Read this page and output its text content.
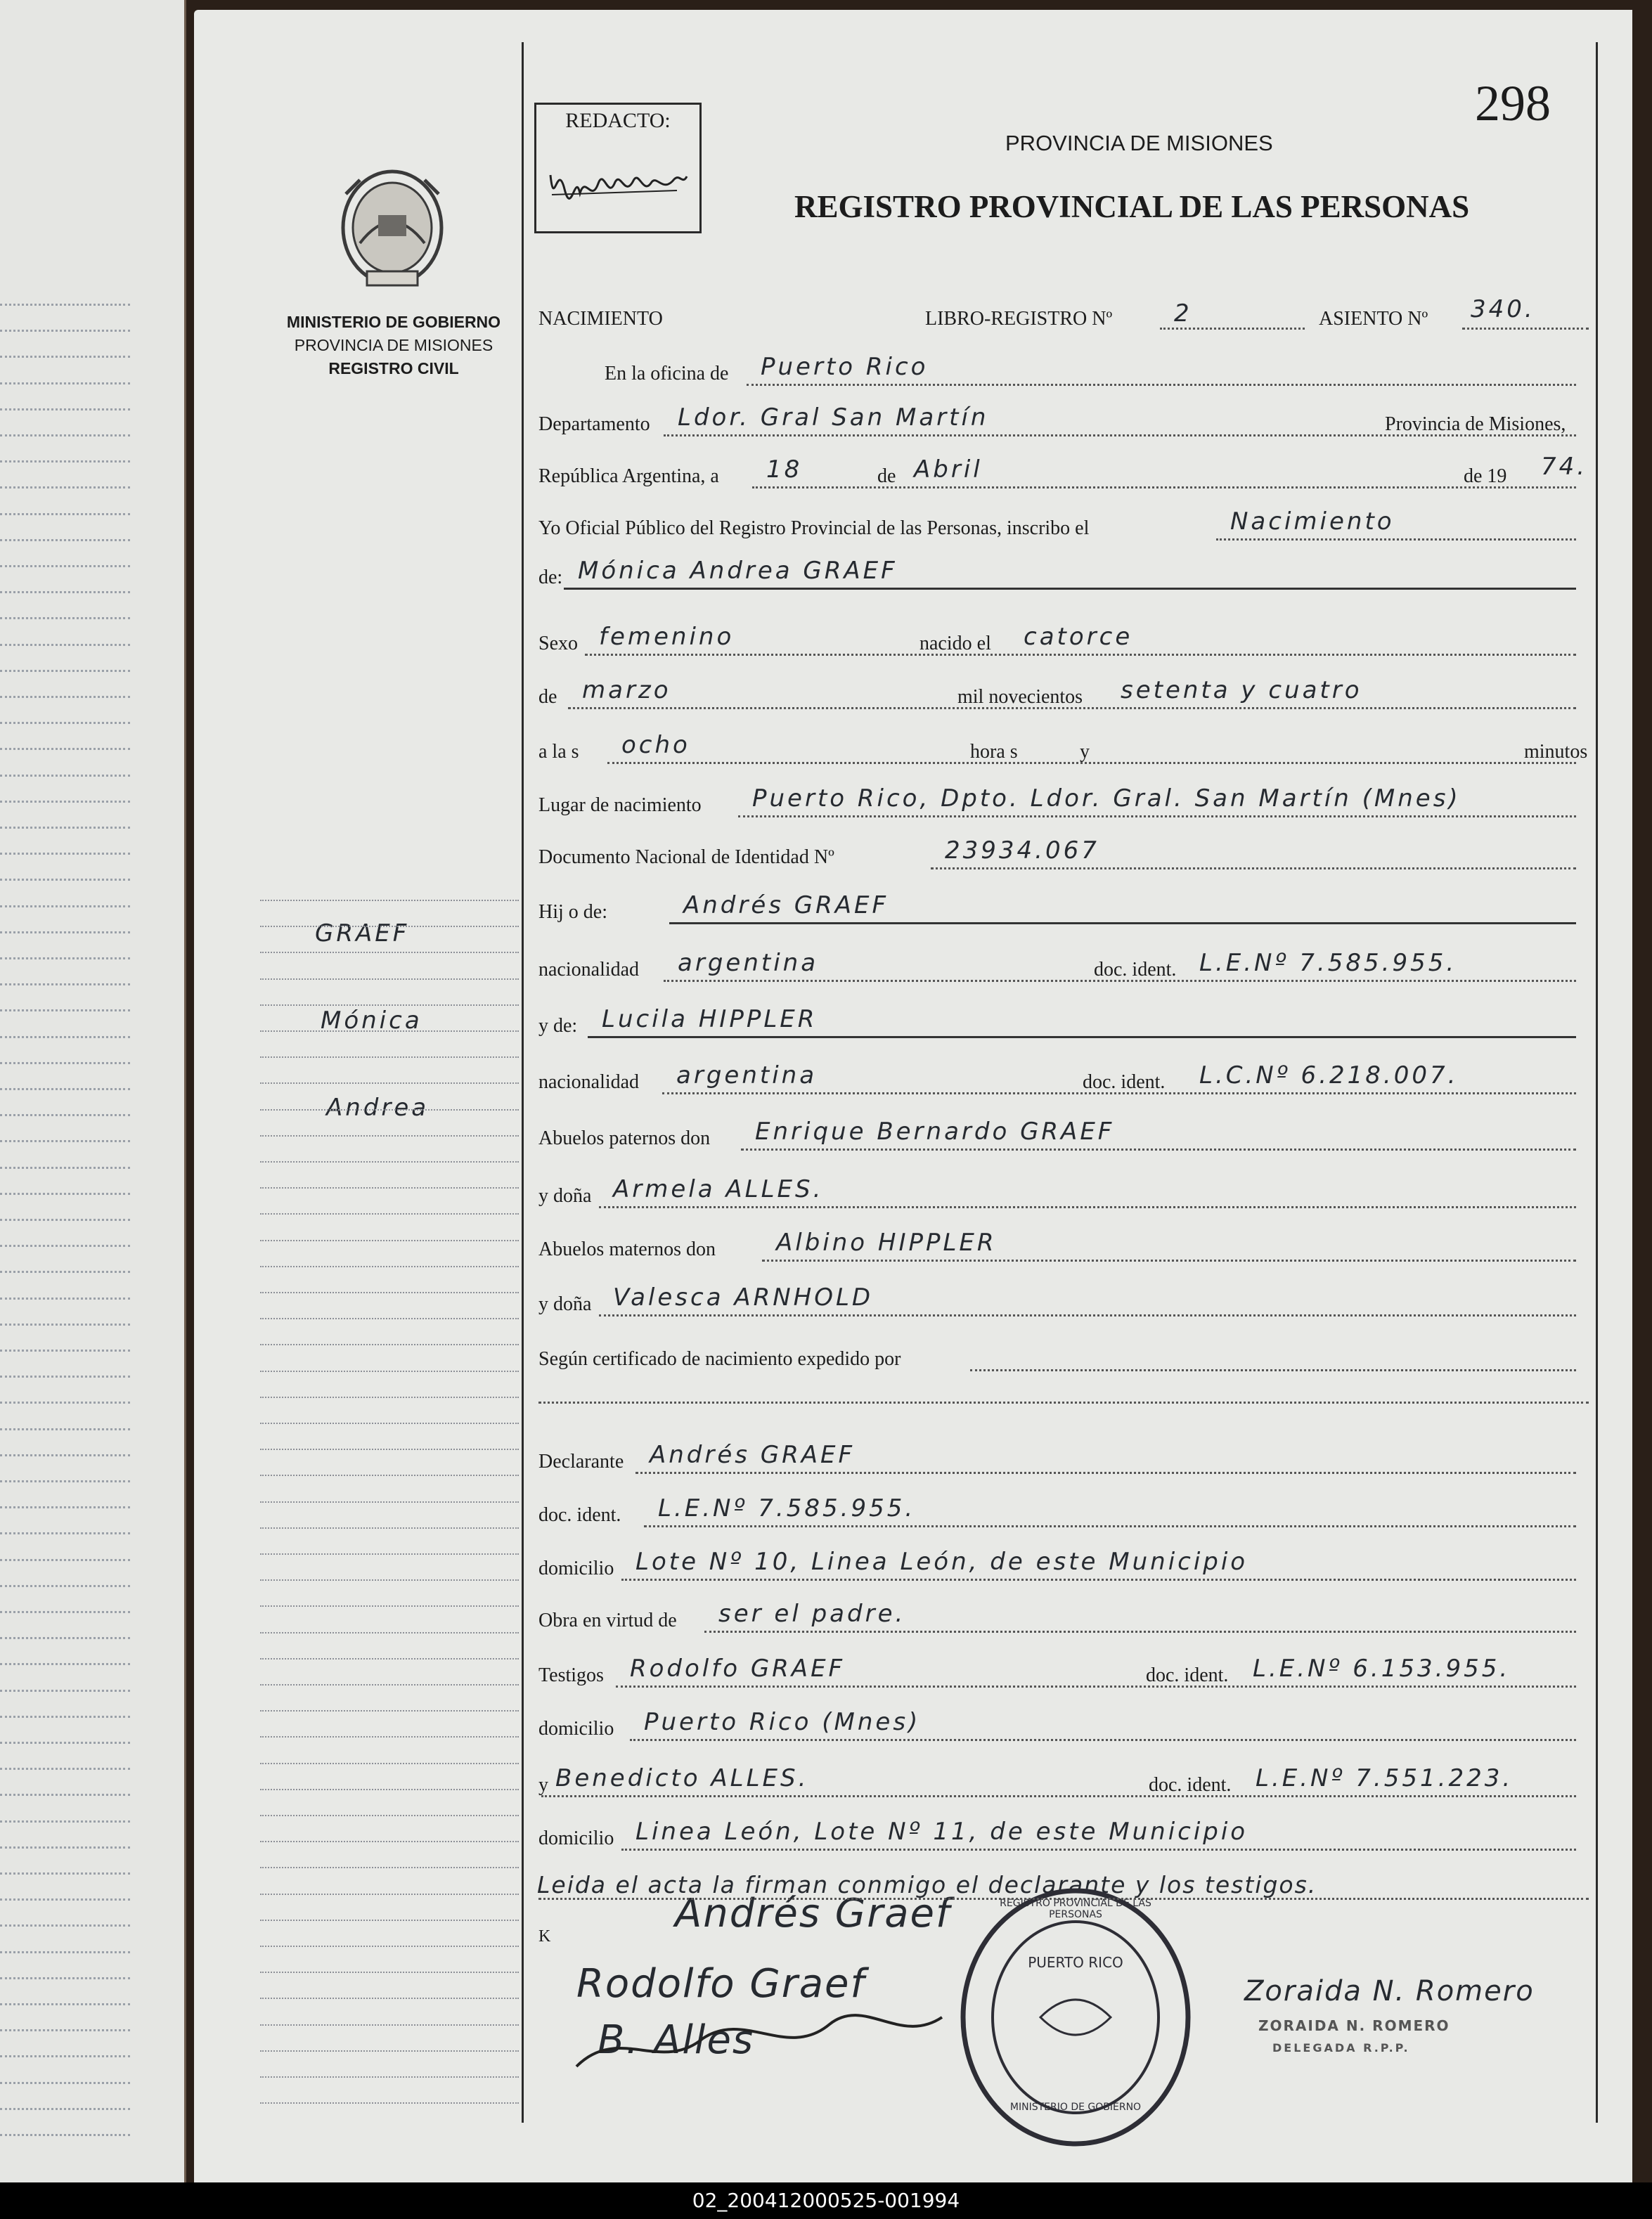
298
REDACTO:
PROVINCIA DE MISIONES
REGISTRO PROVINCIAL DE LAS PERSONAS
MINISTERIO DE GOBIERNO
PROVINCIA DE MISIONES
REGISTRO CIVIL
GRAEF
Mónica
Andrea
NACIMIENTO	LIBRO-REGISTRO Nº	2	ASIENTO Nº 340.
Leida el acta la firman conmigo el declarante y los testigos.
K	Andrés Graef
Rodolfo Graef
B. Alles
REGISTRO PROVINCIAL DE LAS PERSONAS
PUERTO RICO
MINISTERIO DE GOBIERNO
Zoraida N. Romero
ZORAIDA N. ROMERO
DELEGADA R.P.P.
02_200412000525-001994
En la oficina de Puerto Rico
Departamento Ldor. Gral San Martín	Provincia de Misiones,
República Argentina, a 18	de Abril	de 19 74.
Yo Oficial Público del Registro Provincial de las Personas, inscribo el	Nacimiento
de: Mónica Andrea GRAEF
Sexo femenino	nacido el catorce
de marzo	mil novecientos setenta y cuatro
a la s ocho	hora s	y	minutos
Lugar de nacimiento Puerto Rico, Dpto. Ldor. Gral. San Martín (Mnes)
Documento Nacional de Identidad Nº	23934.067
Hij o de:	Andrés GRAEF
nacionalidad argentina	doc. ident. L.E.Nº 7.585.955.
y de: Lucila HIPPLER
nacionalidad argentina	doc. ident. L.C.Nº 6.218.007.
Abuelos paternos don Enrique Bernardo GRAEF
y doña Armela ALLES.
Abuelos maternos don	Albino HIPPLER
y doña Valesca ARNHOLD
Según certificado de nacimiento expedido por
Declarante Andrés GRAEF
doc. ident. L.E.Nº 7.585.955.
domicilio Lote Nº 10, Linea León, de este Municipio
Obra en virtud de ser el padre.
Testigos Rodolfo GRAEF	doc. ident. L.E.Nº 6.153.955.
domicilio Puerto Rico (Mnes)
y Benedicto ALLES.	doc. ident. L.E.Nº 7.551.223.
domicilio Linea León, Lote Nº 11, de este Municipio
